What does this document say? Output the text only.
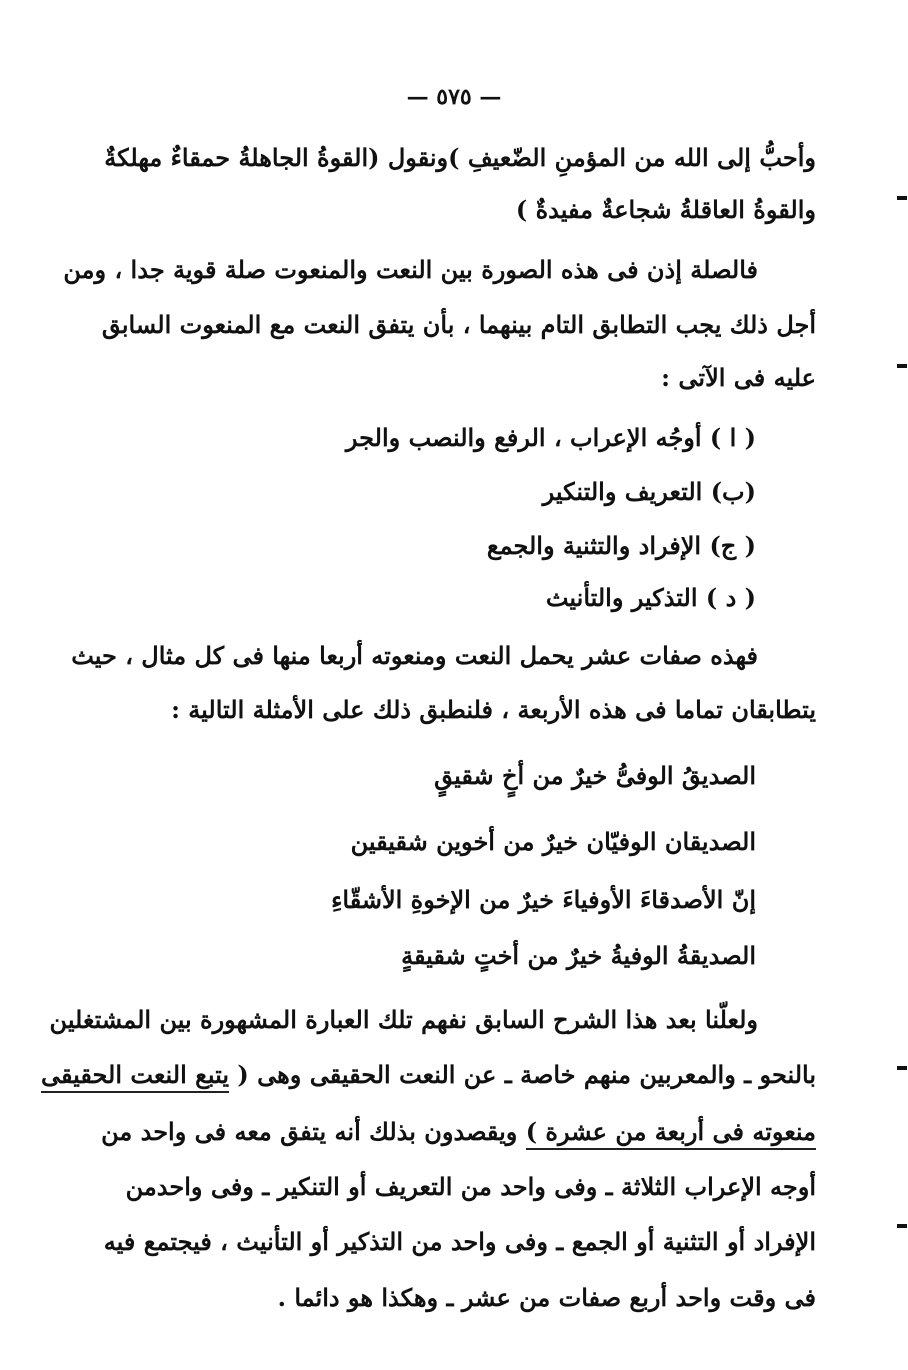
— ٥٧٥ —
وأحبُّ إلى الله من المؤمنِ الضّعيفِ )ونقول (القوةُ الجاهلةُ حمقاءٌ مهلكةٌ
والقوةُ العاقلةُ شجاعةٌ مفيدةٌ )
فالصلة إذن فى هذه الصورة بين النعت والمنعوت صلة قوية جدا ، ومن
أجل ذلك يجب التطابق التام بينهما ، بأن يتفق النعت مع المنعوت السابق
عليه فى الآتى :
( ا ) أوجُه الإعراب ، الرفع والنصب والجر
(ب) التعريف والتنكير
( ج) الإفراد والتثنية والجمع
( د ) التذكير والتأنيث
فهذه صفات عشر يحمل النعت ومنعوته أربعا منها فى كل مثال ، حيث
يتطابقان تماما فى هذه الأربعة ، فلنطبق ذلك على الأمثلة التالية :
الصديقُ الوفىُّ خيرٌ من أخٍ شقيقٍ
الصديقان الوفيّان خيرٌ من أخوين شقيقين
إنّ الأصدقاءَ الأوفياءَ خيرٌ من الإخوةِ الأشقّاءِ
الصديقةُ الوفيةُ خيرٌ من أختٍ شقيقةٍ
ولعلّنا بعد هذا الشرح السابق نفهم تلك العبارة المشهورة بين المشتغلين
بالنحو ـ والمعربين منهم خاصة ـ عن النعت الحقيقى وهى ( يتبع النعت الحقيقى
منعوته فى أربعة من عشرة ) ويقصدون بذلك أنه يتفق معه فى واحد من
أوجه الإعراب الثلاثة ـ وفى واحد من التعريف أو التنكير ـ وفى واحدمن
الإفراد أو التثنية أو الجمع ـ وفى واحد من التذكير أو التأنيث ، فيجتمع فيه
فى وقت واحد أربع صفات من عشر ـ وهكذا هو دائما .
